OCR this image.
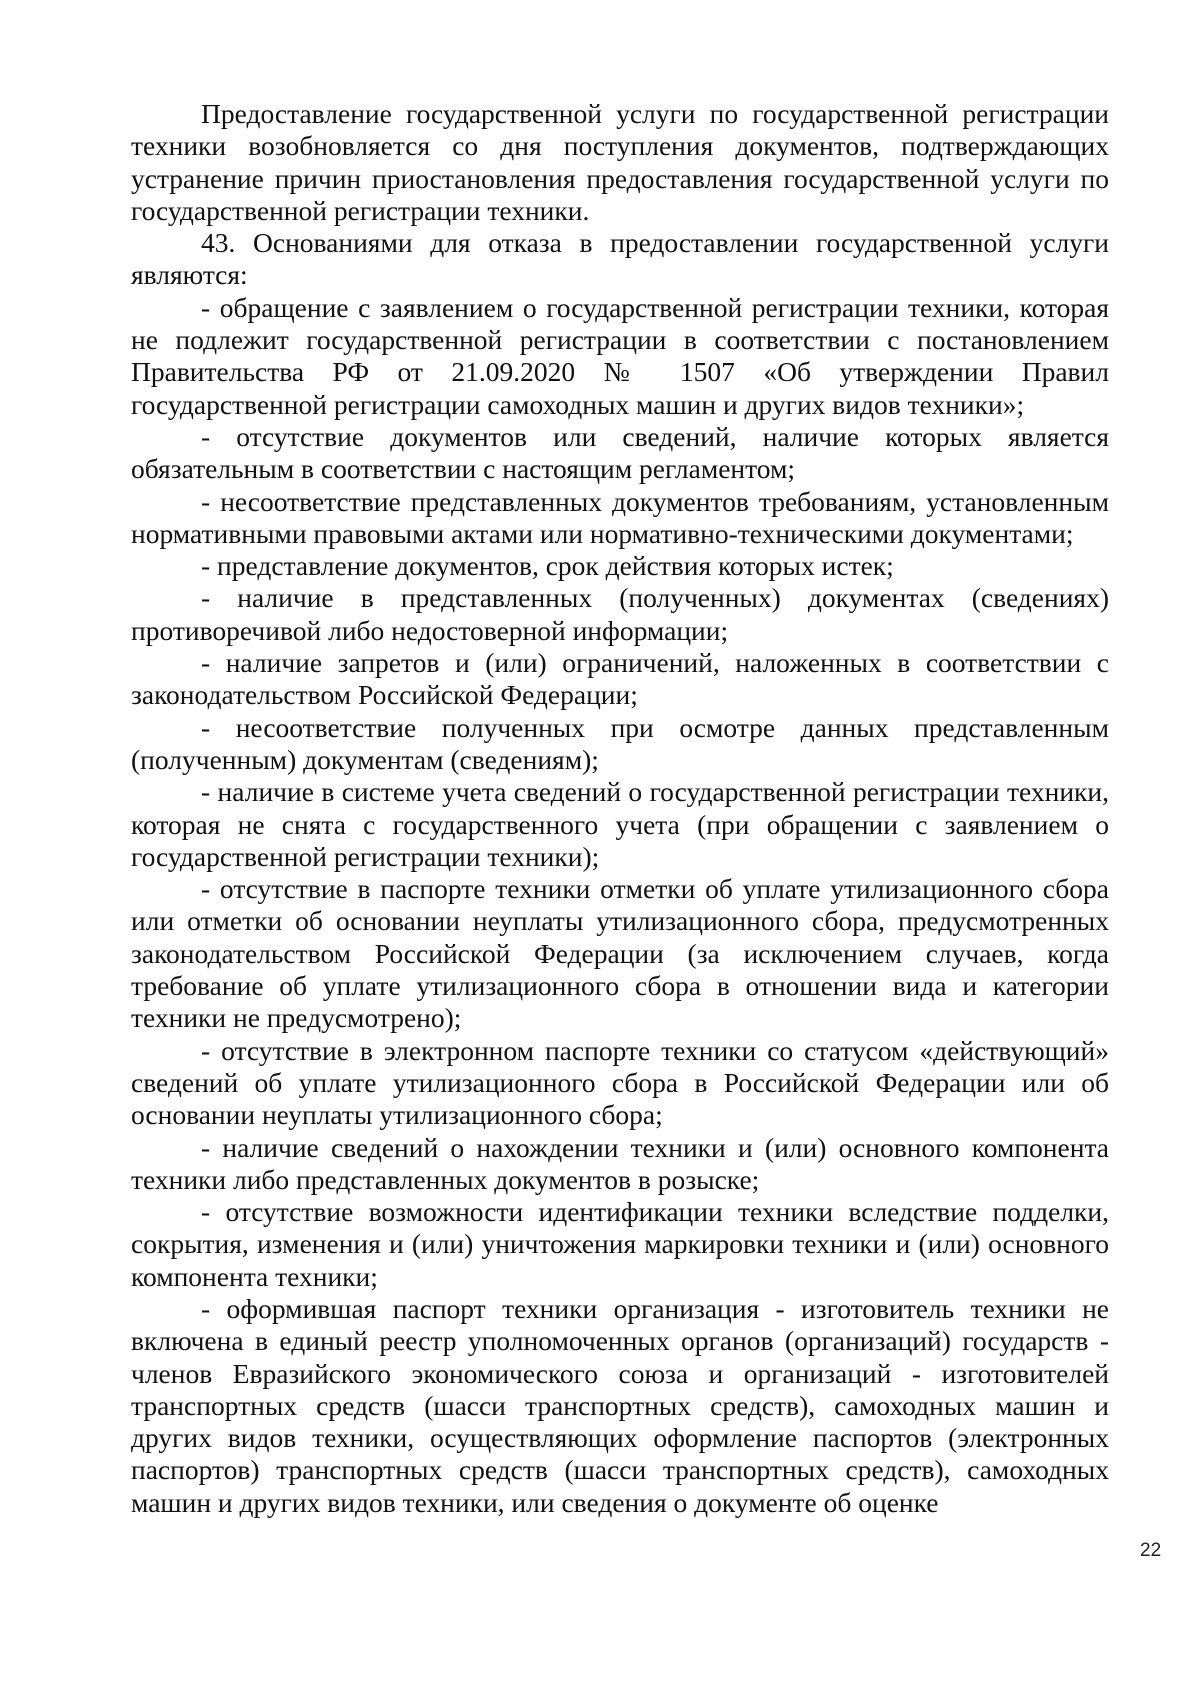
Предоставление государственной услуги по государственной регистрации техники возобновляется со дня поступления документов, подтверждающих устранение причин приостановления предоставления государственной услуги по государственной регистрации техники.

43. Основаниями для отказа в предоставлении государственной услуги являются:

- обращение с заявлением о государственной регистрации техники, которая не подлежит государственной регистрации в соответствии с постановлением Правительства РФ от 21.09.2020 № 1507 «Об утверждении Правил государственной регистрации самоходных машин и других видов техники»;

- отсутствие документов или сведений, наличие которых является обязательным в соответствии с настоящим регламентом;

- несоответствие представленных документов требованиям, установленным нормативными правовыми актами или нормативно-техническими документами;

- представление документов, срок действия которых истек;

- наличие в представленных (полученных) документах (сведениях) противоречивой либо недостоверной информации;

- наличие запретов и (или) ограничений, наложенных в соответствии с законодательством Российской Федерации;

- несоответствие полученных при осмотре данных представленным (полученным) документам (сведениям);

- наличие в системе учета сведений о государственной регистрации техники, которая не снята с государственного учета (при обращении с заявлением о государственной регистрации техники);

- отсутствие в паспорте техники отметки об уплате утилизационного сбора или отметки об основании неуплаты утилизационного сбора, предусмотренных законодательством Российской Федерации (за исключением случаев, когда требование об уплате утилизационного сбора в отношении вида и категории техники не предусмотрено);

- отсутствие в электронном паспорте техники со статусом «действующий» сведений об уплате утилизационного сбора в Российской Федерации или об основании неуплаты утилизационного сбора;

- наличие сведений о нахождении техники и (или) основного компонента техники либо представленных документов в розыске;

- отсутствие возможности идентификации техники вследствие подделки, сокрытия, изменения и (или) уничтожения маркировки техники и (или) основного компонента техники;

- оформившая паспорт техники организация - изготовитель техники не включена в единый реестр уполномоченных органов (организаций) государств - членов Евразийского экономического союза и организаций - изготовителей транспортных средств (шасси транспортных средств), самоходных машин и других видов техники, осуществляющих оформление паспортов (электронных паспортов) транспортных средств (шасси транспортных средств), самоходных машин и других видов техники, или сведения о документе об оценке

22
